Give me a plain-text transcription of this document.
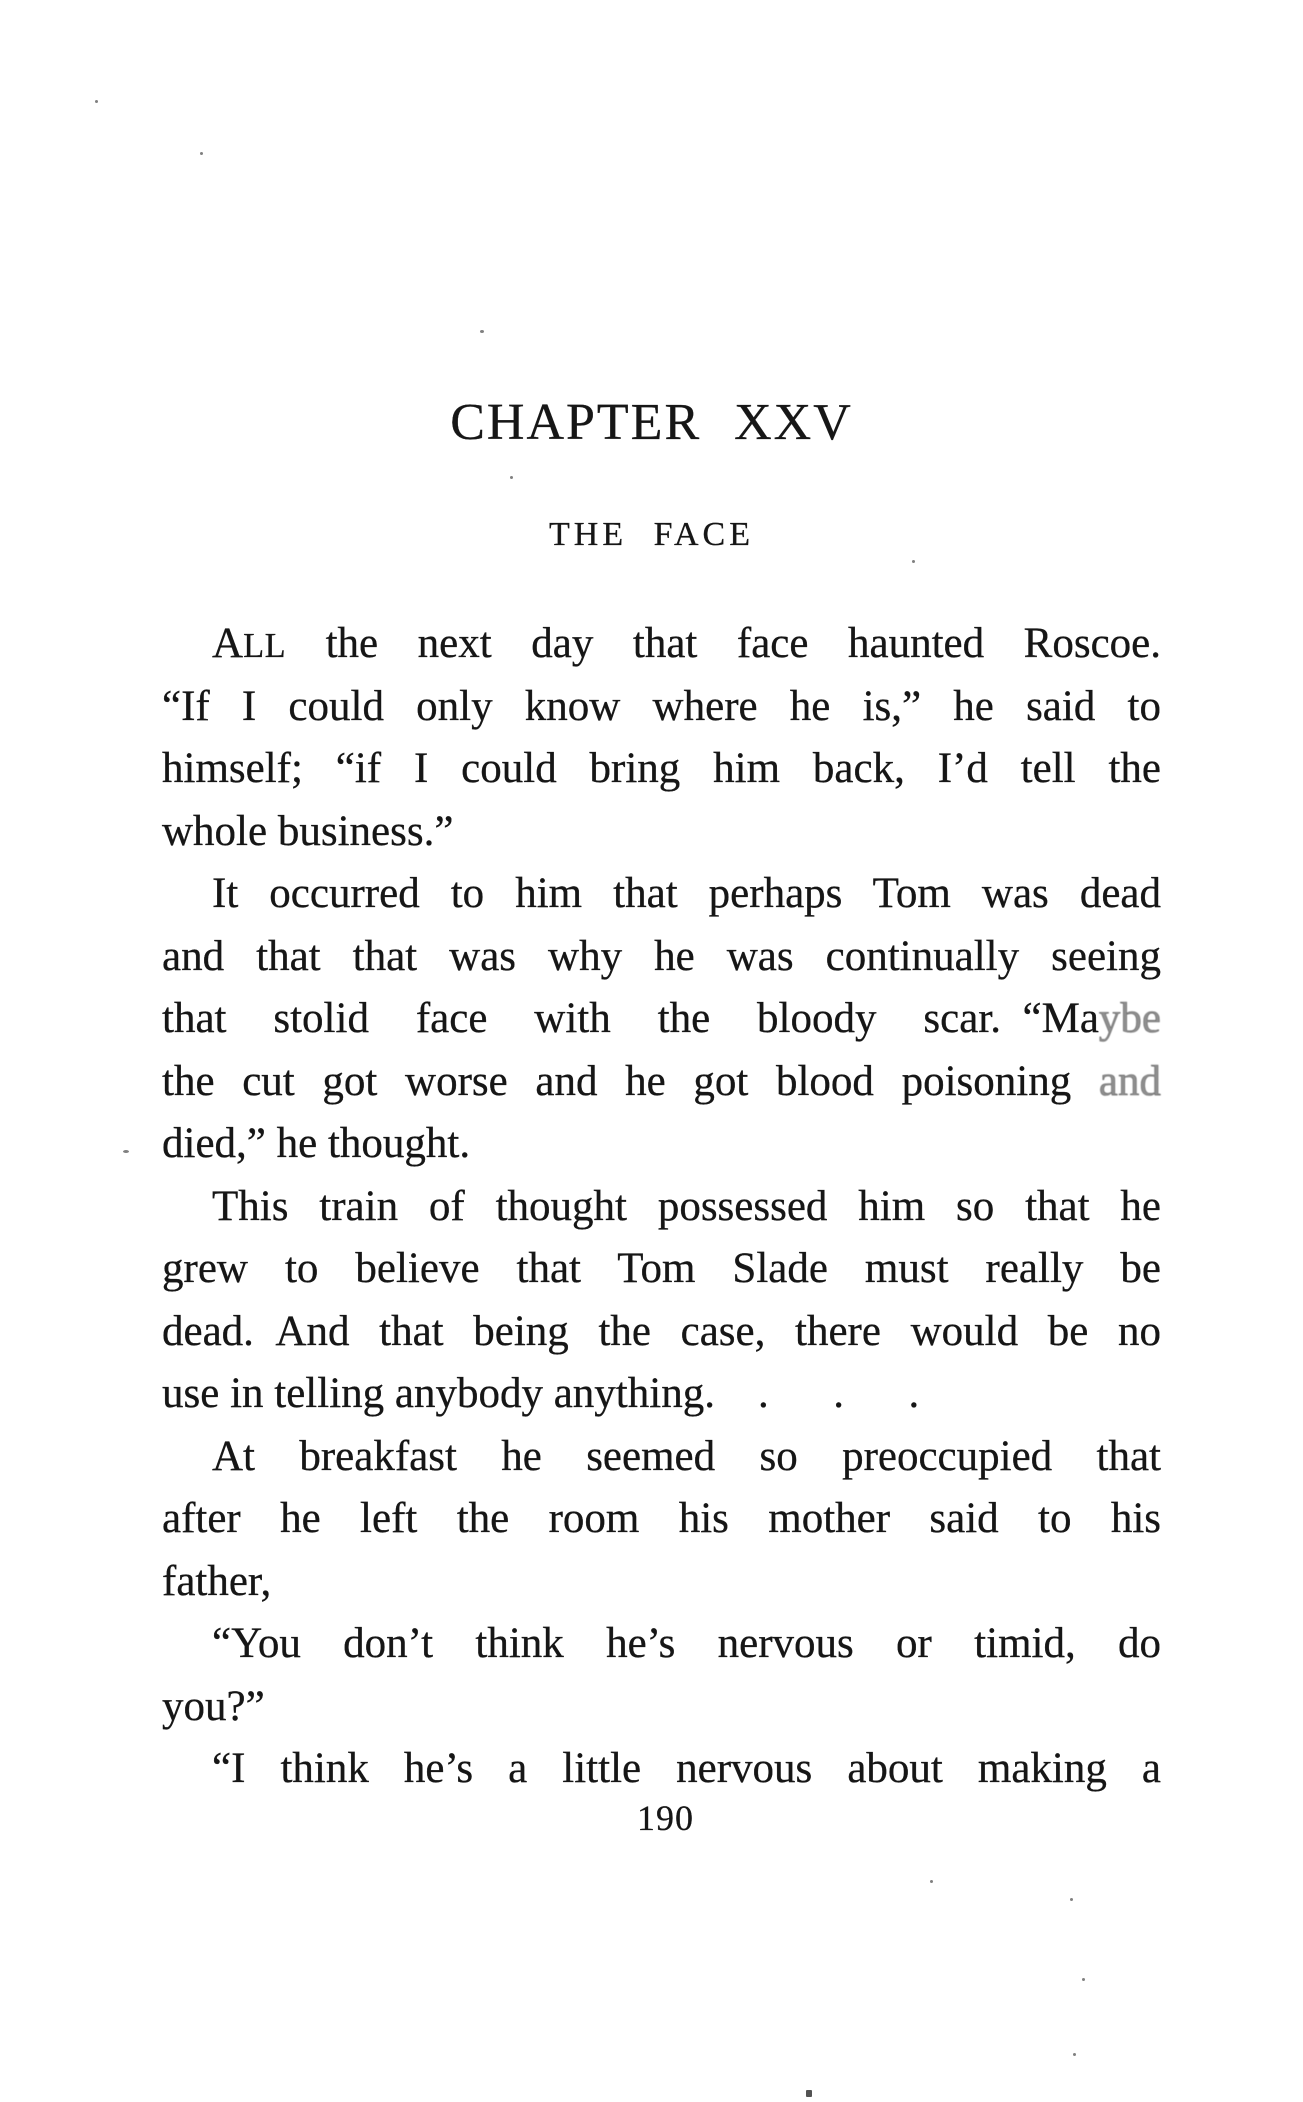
CHAPTER XXV
THE FACE
ALL the next day that face haunted Roscoe.
“If I could only know where he is,” he said to
himself; “if I could bring him back, I’d tell the
whole business.”
It occurred to him that perhaps Tom was dead
and that that was why he was continually seeing
that stolid face with the bloody scar. “Maybe
the cut got worse and he got blood poisoning and
died,” he thought.
This train of thought possessed him so that he
grew to believe that Tom Slade must really be
dead. And that being the case, there would be no
use in telling anybody anything. .  .  .
At breakfast he seemed so preoccupied that
after he left the room his mother said to his
father,
“You don’t think he’s nervous or timid, do
you?”
“I think he’s a little nervous about making a
190
